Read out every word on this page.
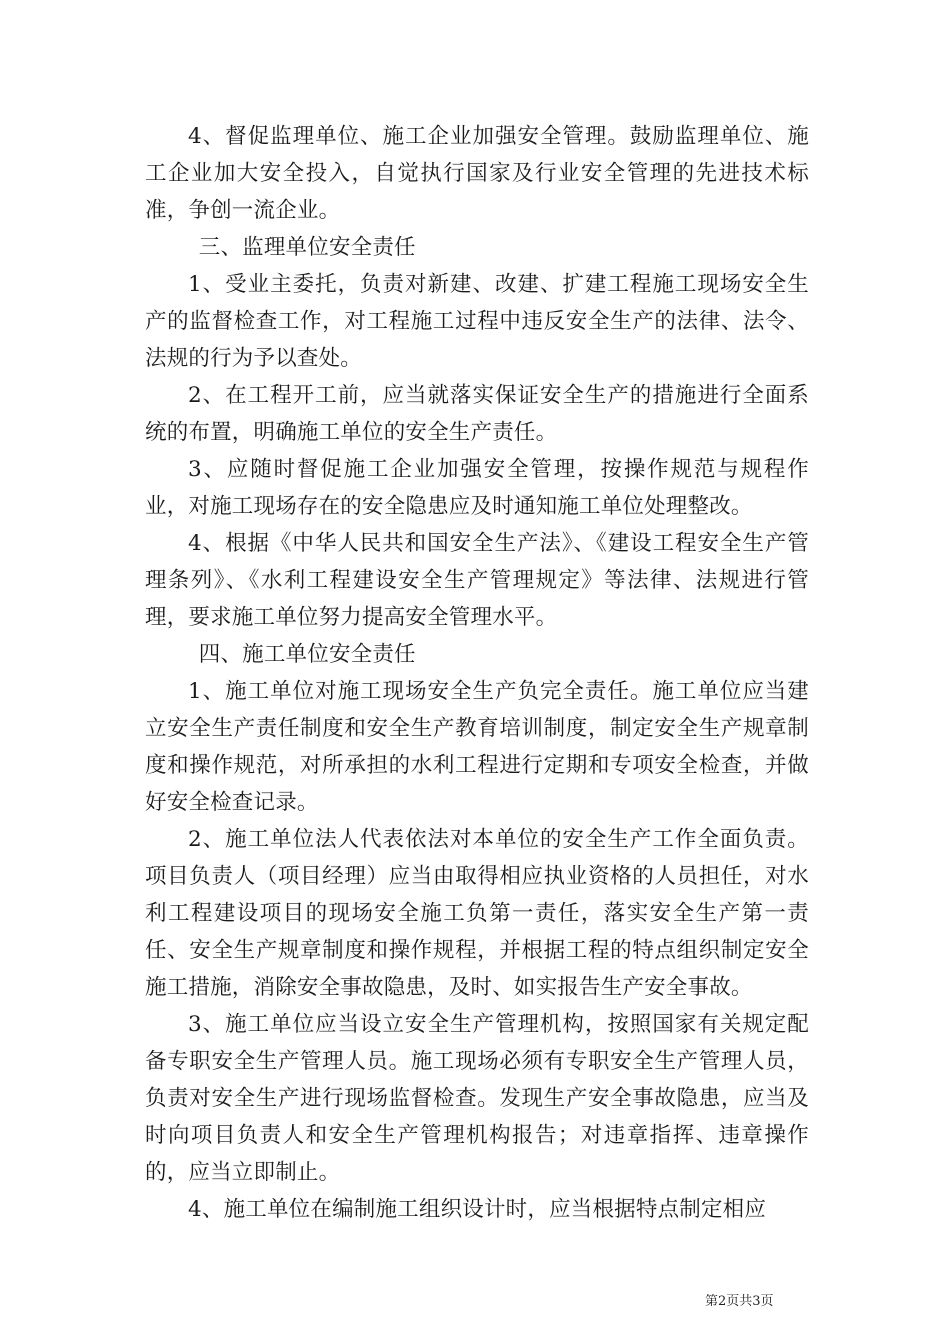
4、督促监理单位、施工企业加强安全管理。鼓励监理单位、施工企业加大安全投入，自觉执行国家及行业安全管理的先进技术标准，争创一流企业。

三、监理单位安全责任

1、受业主委托，负责对新建、改建、扩建工程施工现场安全生产的监督检查工作，对工程施工过程中违反安全生产的法律、法令、法规的行为予以查处。

2、在工程开工前，应当就落实保证安全生产的措施进行全面系统的布置，明确施工单位的安全生产责任。

3、应随时督促施工企业加强安全管理，按操作规范与规程作业，对施工现场存在的安全隐患应及时通知施工单位处理整改。

4、根据《中华人民共和国安全生产法》、《建设工程安全生产管理条列》、《水利工程建设安全生产管理规定》等法律、法规进行管理，要求施工单位努力提高安全管理水平。

四、施工单位安全责任

1、施工单位对施工现场安全生产负完全责任。施工单位应当建立安全生产责任制度和安全生产教育培训制度，制定安全生产规章制度和操作规范，对所承担的水利工程进行定期和专项安全检查，并做好安全检查记录。

2、施工单位法人代表依法对本单位的安全生产工作全面负责。项目负责人（项目经理）应当由取得相应执业资格的人员担任，对水利工程建设项目的现场安全施工负第一责任，落实安全生产第一责任、安全生产规章制度和操作规程，并根据工程的特点组织制定安全施工措施，消除安全事故隐患，及时、如实报告生产安全事故。

3、施工单位应当设立安全生产管理机构，按照国家有关规定配备专职安全生产管理人员。施工现场必须有专职安全生产管理人员，负责对安全生产进行现场监督检查。发现生产安全事故隐患，应当及时向项目负责人和安全生产管理机构报告；对违章指挥、违章操作的，应当立即制止。

4、施工单位在编制施工组织设计时，应当根据特点制定相应

第2页共3页
